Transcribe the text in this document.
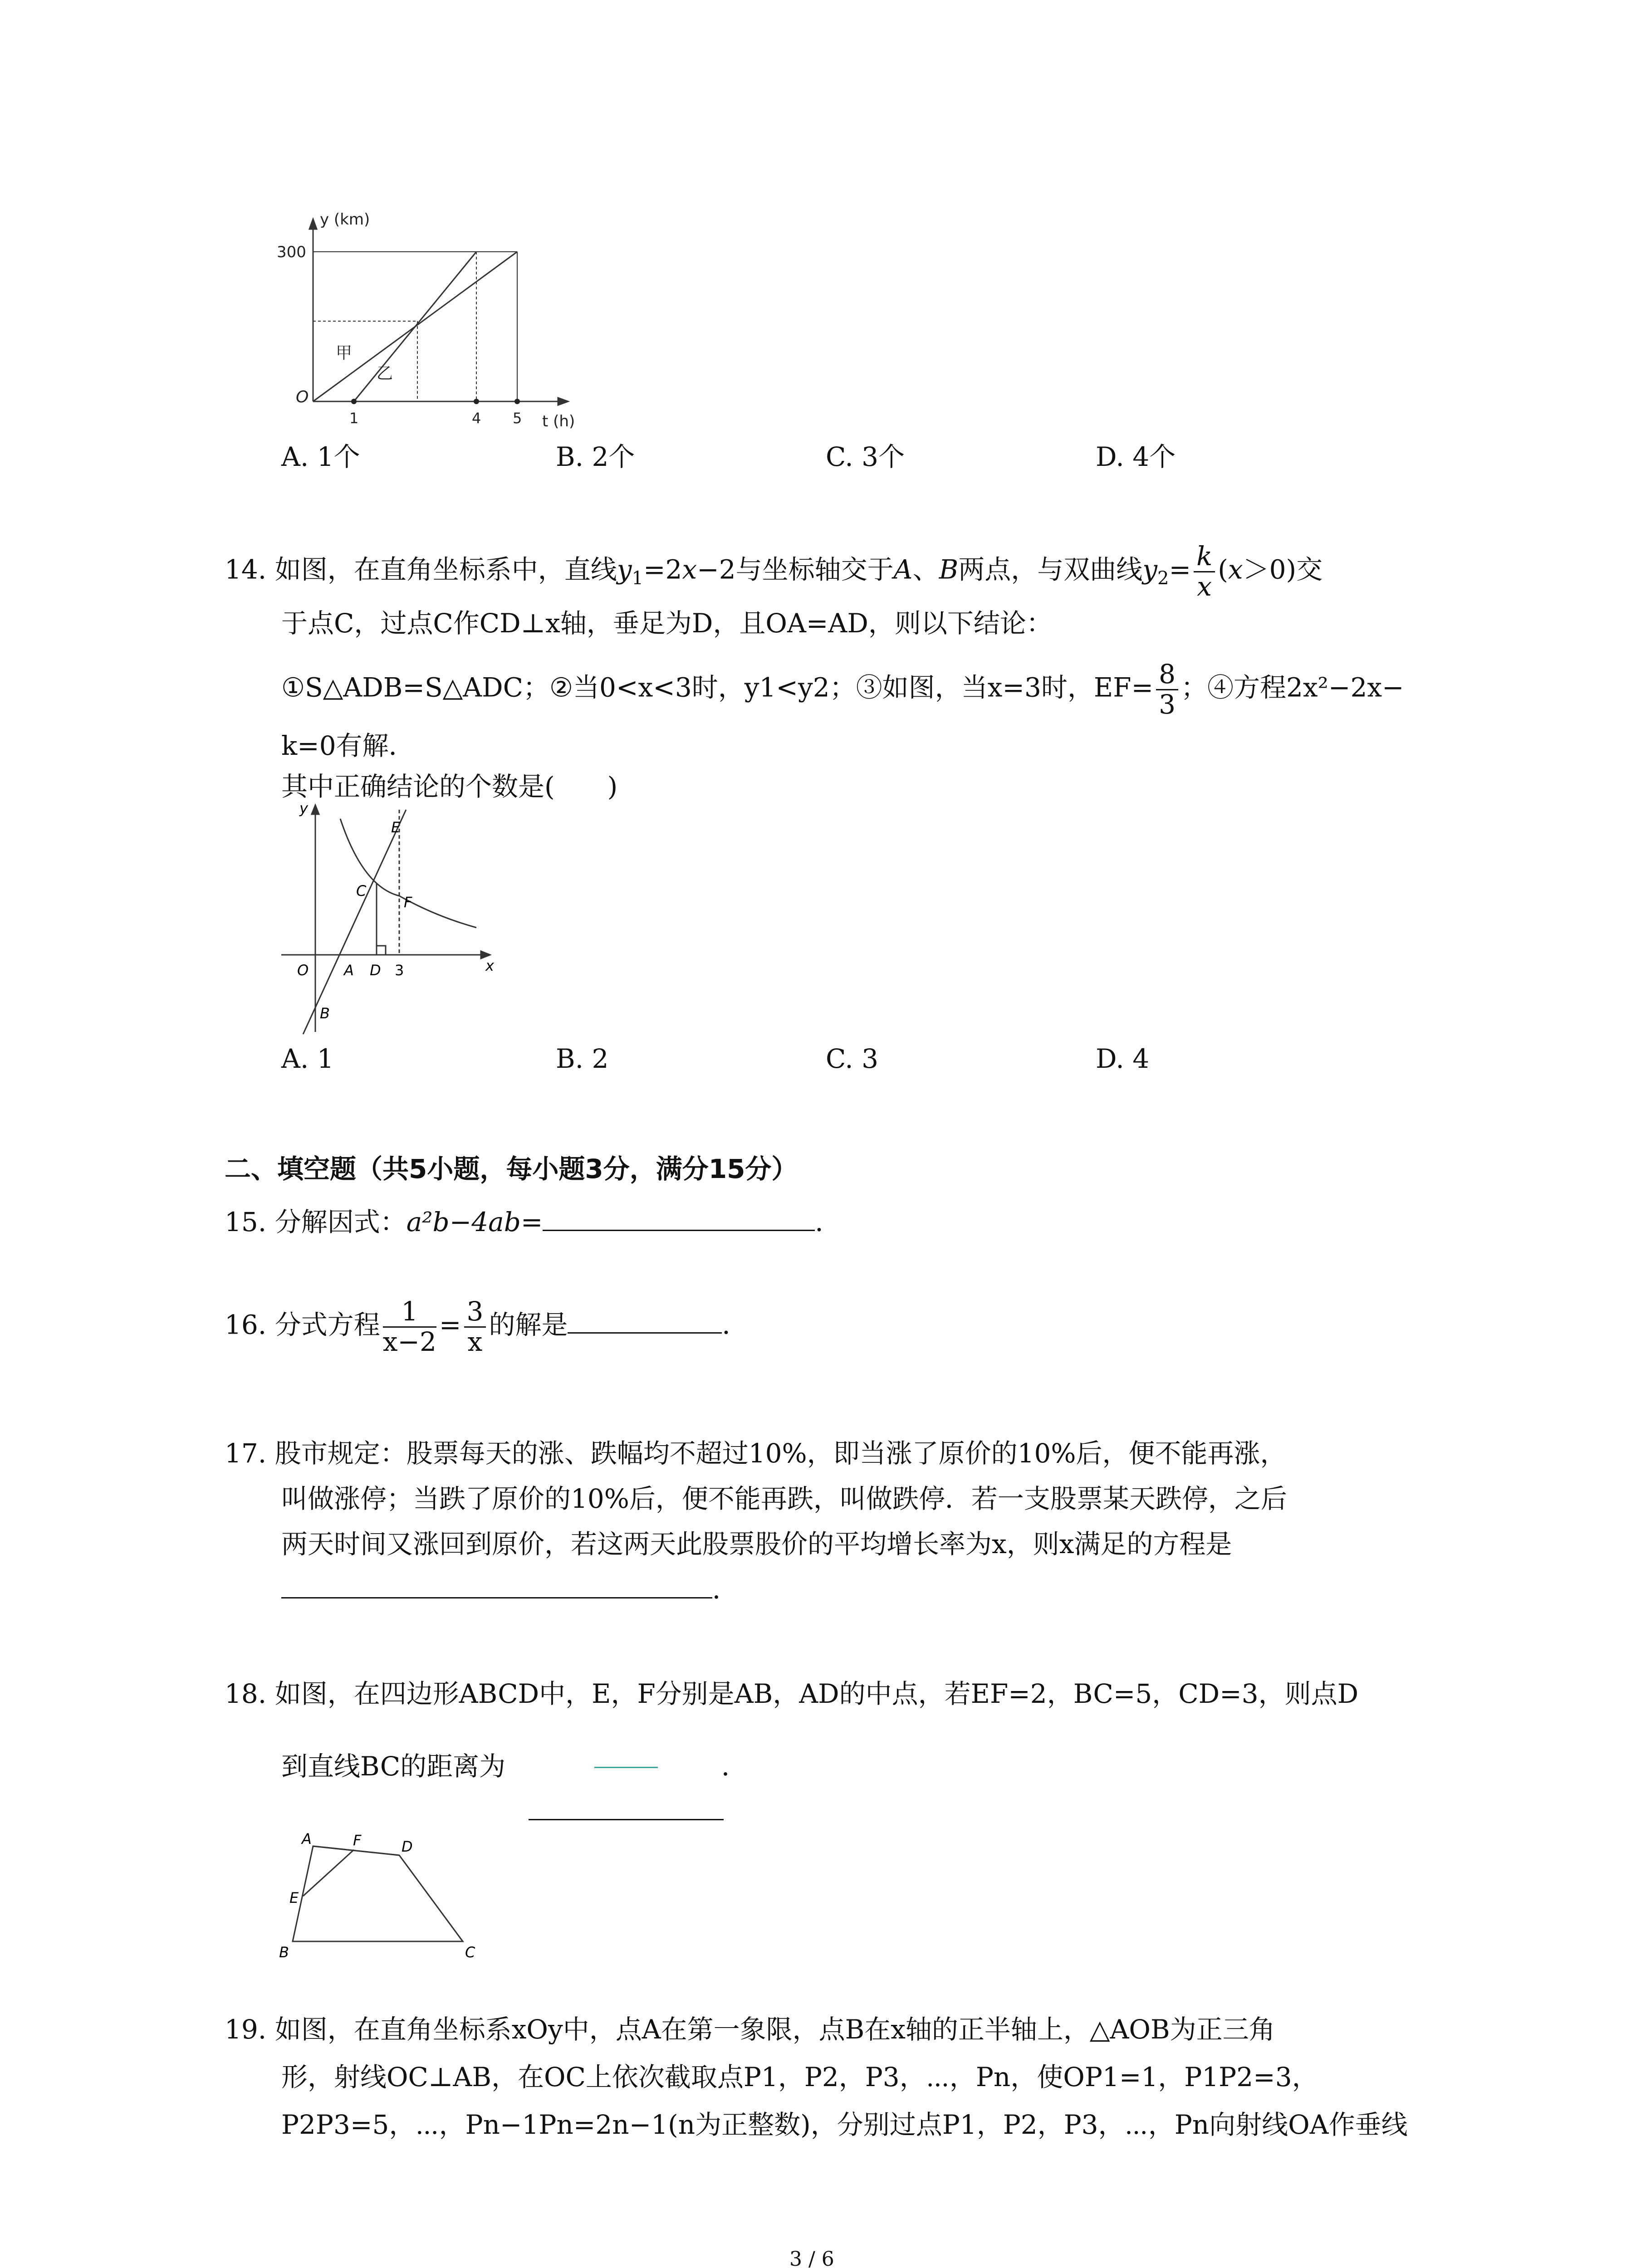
y (km)
t (h)
300
O
1	4 5
甲
乙
A. 1个	B. 2个	C. 3个	D. 4个
14. 如图，在直角坐标系中，直线$y_1=2x-2$与坐标轴交于A、B两点，与双曲线$y_2= \frac{k}{x} (x>0)$交
于点C，过点C作CD⊥x轴，垂足为D，且OA=AD，则以下结论：
①S△ADB=S△ADC；②当0<x<3时，y1<y2；③如图，当x=3时，$EF= \frac{8}{3}$ ；④方程2x²−2x−
k=0有解．
其中正确结论的个数是(　　)
y
x
O A D 3
B
C
E
F
A. 1	B. 2	C. 3	D. 4
二、填空题（共5小题，每小题3分，满分15分）
15. 分解因式：a²b−4ab=	．
16. 分式方程 $\frac{1}{x-2} = \frac{3}{x}$ 的解是	．
17. 股市规定：股票每天的涨、跌幅均不超过10%，即当涨了原价的10%后，便不能再涨，
叫做涨停；当跌了原价的10%后，便不能再跌，叫做跌停．若一支股票某天跌停，之后
两天时间又涨回到原价，若这两天此股票股价的平均增长率为x，则x满足的方程是
．
18. 如图，在四边形ABCD中，E，F分别是AB，AD的中点，若EF=2，BC=5，CD=3，则点D
到直线BC的距离为	．
A	F	D
E
B	C
19. 如图，在直角坐标系xOy中，点A在第一象限，点B在x轴的正半轴上，△AOB为正三角
形，射线OC⊥AB，在OC上依次截取点P1，P2，P3，⋯，Pn，使OP1=1，P1P2=3，
P2P3=5，⋯，Pn−1Pn=2n−1(n为正整数)，分别过点P1，P2，P3，⋯，Pn向射线OA作垂线
3 / 6
